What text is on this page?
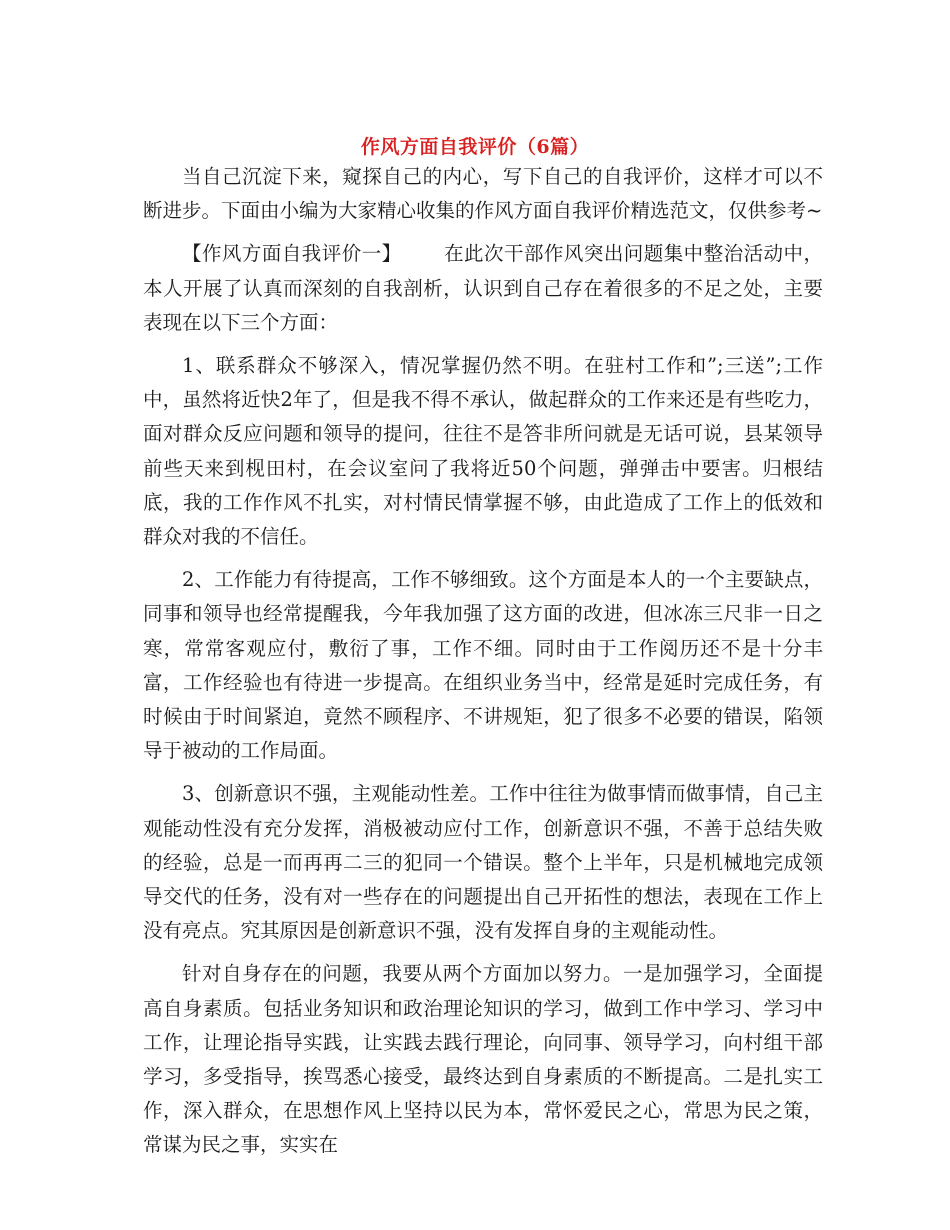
作风方面自我评价（6篇）

当自己沉淀下来，窥探自己的内心，写下自己的自我评价，这样才可以不断进步。下面由小编为大家精心收集的作风方面自我评价精选范文，仅供参考~

【作风方面自我评价一】 在此次干部作风突出问题集中整治活动中，本人开展了认真而深刻的自我剖析，认识到自己存在着很多的不足之处，主要表现在以下三个方面：

1、联系群众不够深入，情况掌握仍然不明。在驻村工作和”;三送”;工作中，虽然将近快2年了，但是我不得不承认，做起群众的工作来还是有些吃力，面对群众反应问题和领导的提问，往往不是答非所问就是无话可说，县某领导前些天来到枧田村，在会议室问了我将近50个问题，弹弹击中要害。归根结底，我的工作作风不扎实，对村情民情掌握不够，由此造成了工作上的低效和群众对我的不信任。

2、工作能力有待提高，工作不够细致。这个方面是本人的一个主要缺点，同事和领导也经常提醒我，今年我加强了这方面的改进，但冰冻三尺非一日之寒，常常客观应付，敷衍了事，工作不细。同时由于工作阅历还不是十分丰富，工作经验也有待进一步提高。在组织业务当中，经常是延时完成任务，有时候由于时间紧迫，竟然不顾程序、不讲规矩，犯了很多不必要的错误，陷领导于被动的工作局面。

3、创新意识不强，主观能动性差。工作中往往为做事情而做事情，自己主观能动性没有充分发挥，消极被动应付工作，创新意识不强，不善于总结失败的经验，总是一而再再二三的犯同一个错误。整个上半年，只是机械地完成领导交代的任务，没有对一些存在的问题提出自己开拓性的想法，表现在工作上没有亮点。究其原因是创新意识不强，没有发挥自身的主观能动性。

针对自身存在的问题，我要从两个方面加以努力。一是加强学习，全面提高自身素质。包括业务知识和政治理论知识的学习，做到工作中学习、学习中工作，让理论指导实践，让实践去践行理论，向同事、领导学习，向村组干部学习，多受指导，挨骂悉心接受，最终达到自身素质的不断提高。二是扎实工作，深入群众，在思想作风上坚持以民为本，常怀爱民之心，常思为民之策，常谋为民之事，实实在
